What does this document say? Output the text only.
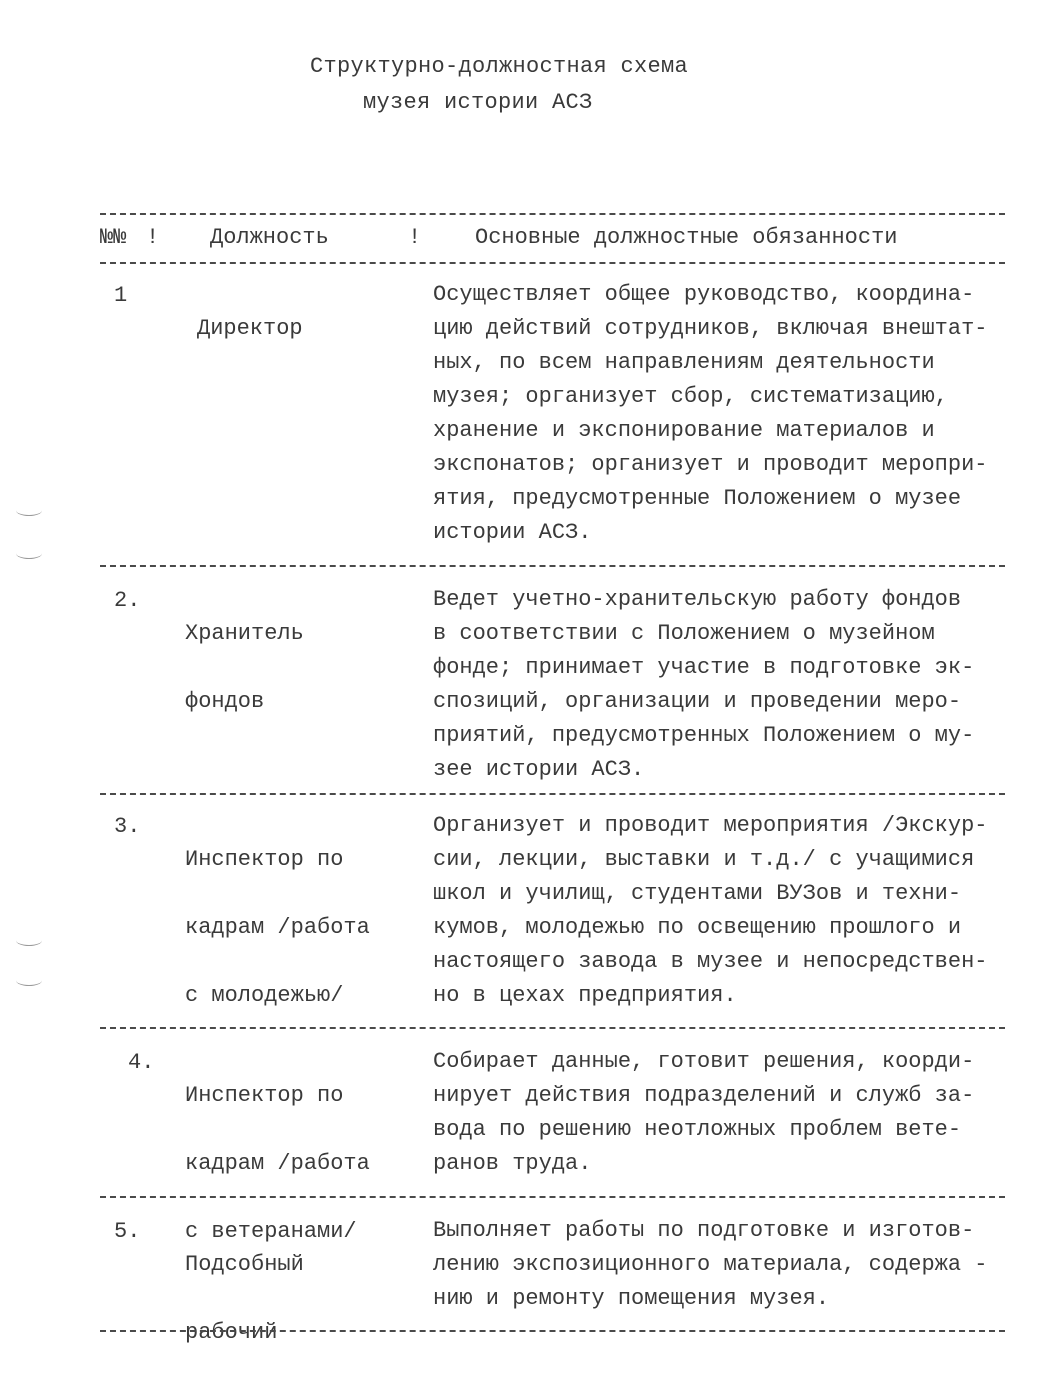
Структурно-должностная схема
музея истории АСЗ
№№ ! Должность	! Основные должностные обязанности
1

Директор

Осуществляет общее руководство, координа-
цию действий сотрудников, включая внештат-
ных, по всем направлениям деятельности
музея; организует сбор, систематизацию,
хранение и экспонирование материалов и
экспонатов; организует и проводит меропри-
ятия, предусмотренные Положением о музее
истории АСЗ.
2.

Хранитель

фондов

Ведет учетно-хранительскую работу фондов
в соответствии с Положением о музейном
фонде; принимает участие в подготовке эк-
спозиций, организации и проведении меро-
приятий, предусмотренных Положением о му-
зее истории АСЗ.
3.

Инспектор по

кадрам /работа

с молодежью/

Организует и проводит мероприятия /Экскур-
сии, лекции, выставки и т.д./ с учащимися
школ и училищ, студентами ВУЗов и техни-
кумов, молодежью по освещению прошлого и
настоящего завода в музее и непосредствен-
но в цехах предприятия.
4.

Инспектор по

кадрам /работа

с ветеранами/

Собирает данные, готовит решения, коорди-
нирует действия подразделений и служб за-
вода по решению неотложных проблем вете-
ранов труда.
5.

Подсобный

рабочий

Выполняет работы по подготовке и изготов-
лению экспозиционного материала, содержа -
нию и ремонту помещения музея.
